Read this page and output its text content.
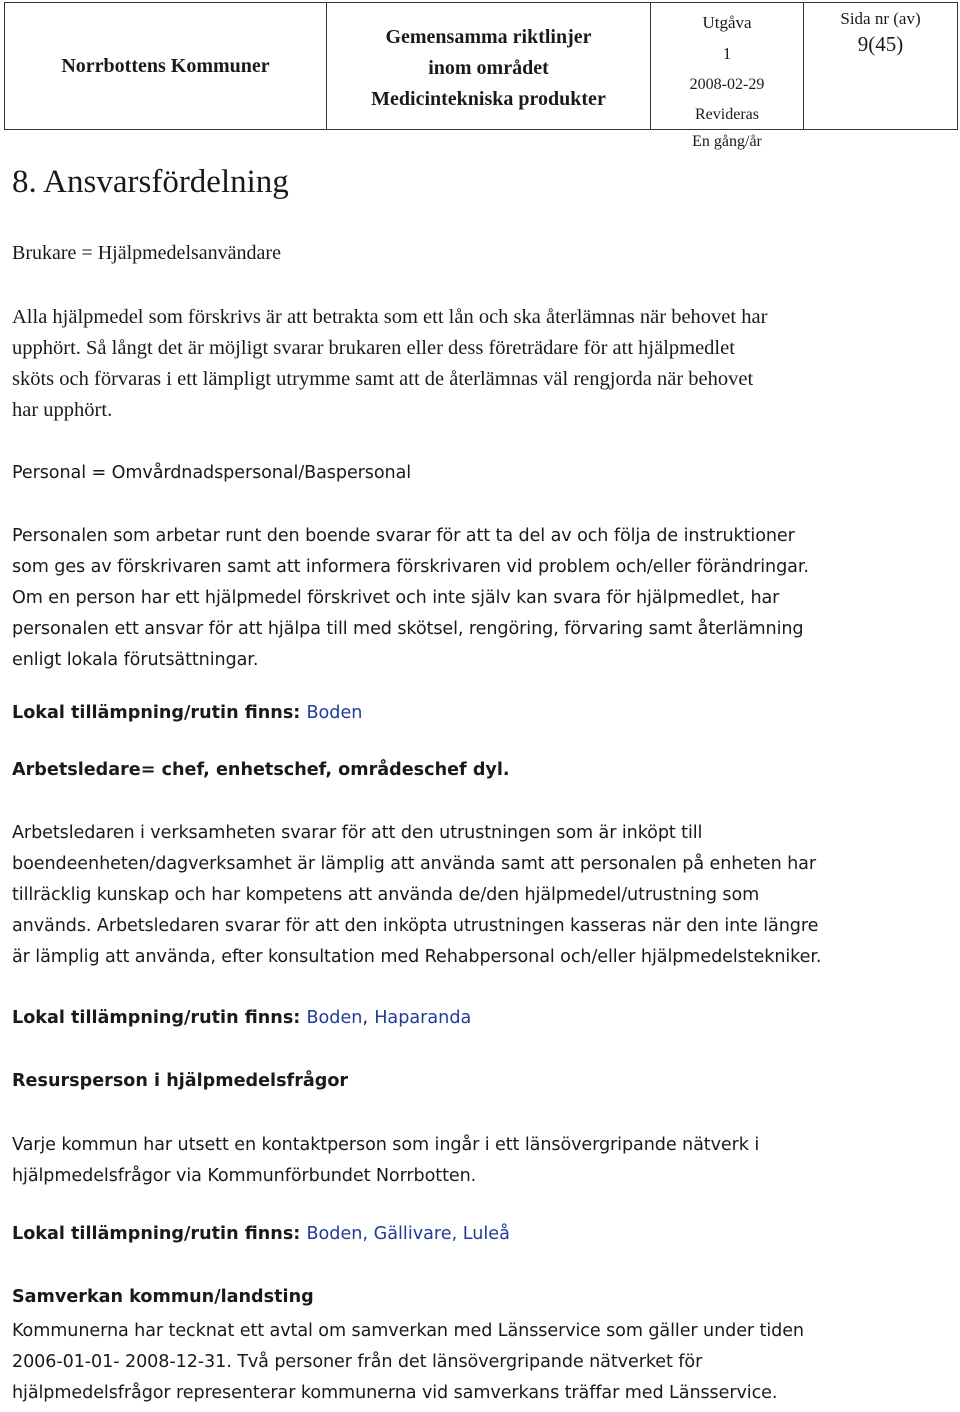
Norrbottens Kommuner
Gemensamma riktlinjer
inom området
Medicintekniska produkter
Utgåva
1
2008-02-29
Revideras
En gång/år
Sida nr (av)
9(45)
8. Ansvarsfördelning
Brukare = Hjälpmedelsanvändare
Alla hjälpmedel som förskrivs är att betrakta som ett lån och ska återlämnas när behovet har
upphört. Så långt det är möjligt svarar brukaren eller dess företrädare för att hjälpmedlet
sköts och förvaras i ett lämpligt utrymme samt att de återlämnas väl rengjorda när behovet
har upphört.
Personal = Omvårdnadspersonal/Baspersonal
Personalen som arbetar runt den boende svarar för att ta del av och följa de instruktioner
som ges av förskrivaren samt att informera förskrivaren vid problem och/eller förändringar.
Om en person har ett hjälpmedel förskrivet och inte själv kan svara för hjälpmedlet, har
personalen ett ansvar för att hjälpa till med skötsel, rengöring, förvaring samt återlämning
enligt lokala förutsättningar.
Lokal tillämpning/rutin finns: Boden
Arbetsledare= chef, enhetschef, områdeschef dyl.
Arbetsledaren i verksamheten svarar för att den utrustningen som är inköpt till
boendeenheten/dagverksamhet är lämplig att använda samt att personalen på enheten har
tillräcklig kunskap och har kompetens att använda de/den hjälpmedel/utrustning som
används. Arbetsledaren svarar för att den inköpta utrustningen kasseras när den inte längre
är lämplig att använda, efter konsultation med Rehabpersonal och/eller hjälpmedelstekniker.
Lokal tillämpning/rutin finns: Boden, Haparanda
Resursperson i hjälpmedelsfrågor
Varje kommun har utsett en kontaktperson som ingår i ett länsövergripande nätverk i
hjälpmedelsfrågor via Kommunförbundet Norrbotten.
Lokal tillämpning/rutin finns: Boden, Gällivare, Luleå
Samverkan kommun/landsting
Kommunerna har tecknat ett avtal om samverkan med Länsservice som gäller under tiden
2006-01-01- 2008-12-31. Två personer från det länsövergripande nätverket för
hjälpmedelsfrågor representerar kommunerna vid samverkans träffar med Länsservice.
